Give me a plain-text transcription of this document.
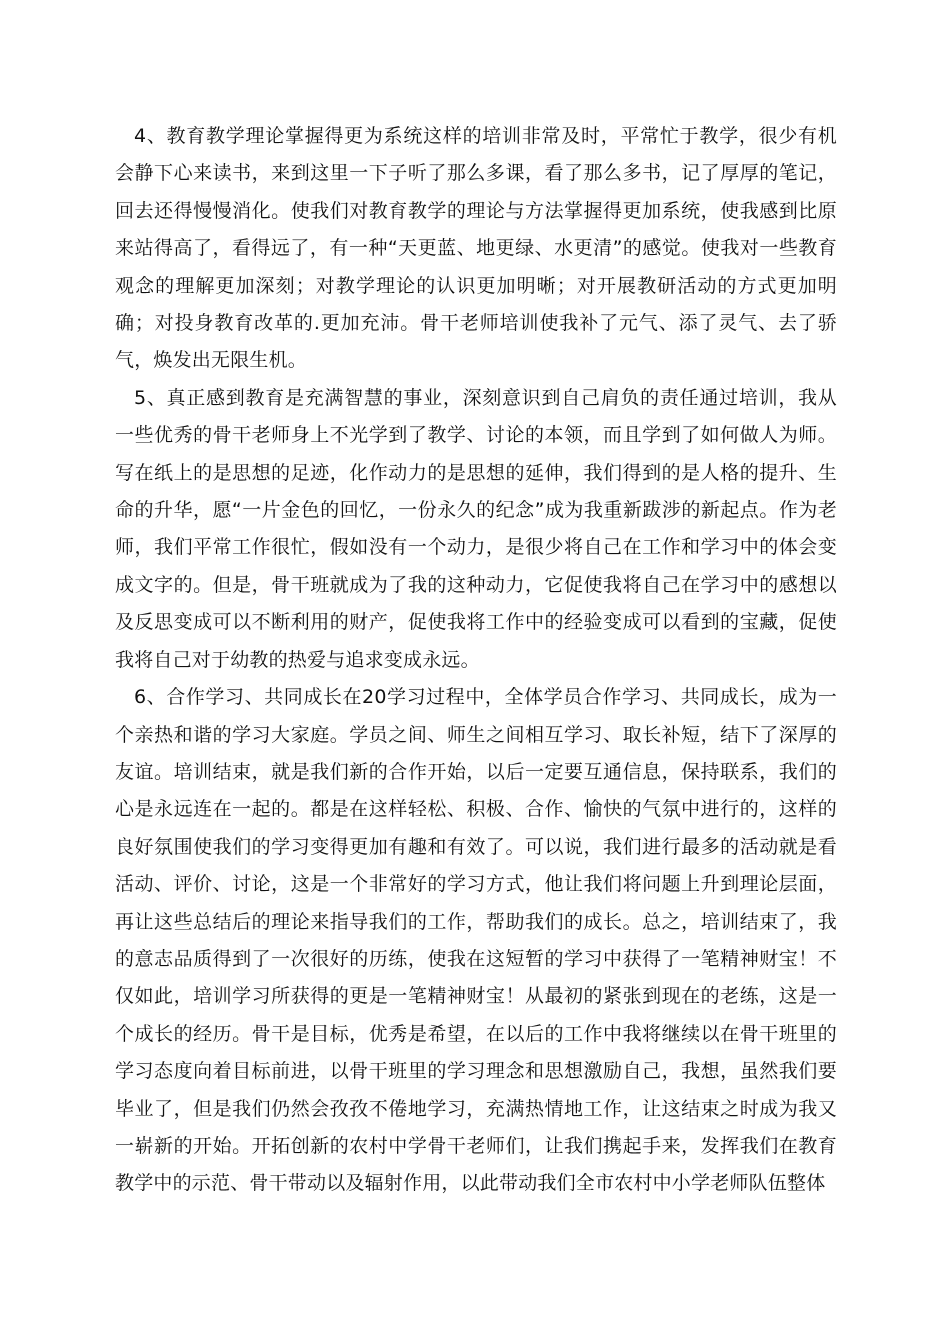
4、教育教学理论掌握得更为系统这样的培训非常及时，平常忙于教学，很少有机会静下心来读书，来到这里一下子听了那么多课，看了那么多书，记了厚厚的笔记，回去还得慢慢消化。使我们对教育教学的理论与方法掌握得更加系统，使我感到比原来站得高了，看得远了，有一种“天更蓝、地更绿、水更清”的感觉。使我对一些教育观念的理解更加深刻；对教学理论的认识更加明晰；对开展教研活动的方式更加明确；对投身教育改革的.更加充沛。骨干老师培训使我补了元气、添了灵气、去了骄气，焕发出无限生机。

5、真正感到教育是充满智慧的事业，深刻意识到自己肩负的责任通过培训，我从一些优秀的骨干老师身上不光学到了教学、讨论的本领，而且学到了如何做人为师。写在纸上的是思想的足迹，化作动力的是思想的延伸，我们得到的是人格的提升、生命的升华，愿“一片金色的回忆，一份永久的纪念”成为我重新跋涉的新起点。作为老师，我们平常工作很忙，假如没有一个动力，是很少将自己在工作和学习中的体会变成文字的。但是，骨干班就成为了我的这种动力，它促使我将自己在学习中的感想以及反思变成可以不断利用的财产，促使我将工作中的经验变成可以看到的宝藏，促使我将自己对于幼教的热爱与追求变成永远。

6、合作学习、共同成长在20学习过程中，全体学员合作学习、共同成长，成为一个亲热和谐的学习大家庭。学员之间、师生之间相互学习、取长补短，结下了深厚的友谊。培训结束，就是我们新的合作开始，以后一定要互通信息，保持联系，我们的心是永远连在一起的。都是在这样轻松、积极、合作、愉快的气氛中进行的，这样的良好氛围使我们的学习变得更加有趣和有效了。可以说，我们进行最多的活动就是看活动、评价、讨论，这是一个非常好的学习方式，他让我们将问题上升到理论层面，再让这些总结后的理论来指导我们的工作，帮助我们的成长。总之，培训结束了，我的意志品质得到了一次很好的历练，使我在这短暂的学习中获得了一笔精神财宝！不仅如此，培训学习所获得的更是一笔精神财宝！从最初的紧张到现在的老练，这是一个成长的经历。骨干是目标，优秀是希望，在以后的工作中我将继续以在骨干班里的学习态度向着目标前进，以骨干班里的学习理念和思想激励自己，我想，虽然我们要毕业了，但是我们仍然会孜孜不倦地学习，充满热情地工作，让这结束之时成为我又一崭新的开始。开拓创新的农村中学骨干老师们，让我们携起手来，发挥我们在教育教学中的示范、骨干带动以及辐射作用，以此带动我们全市农村中小学老师队伍整体
